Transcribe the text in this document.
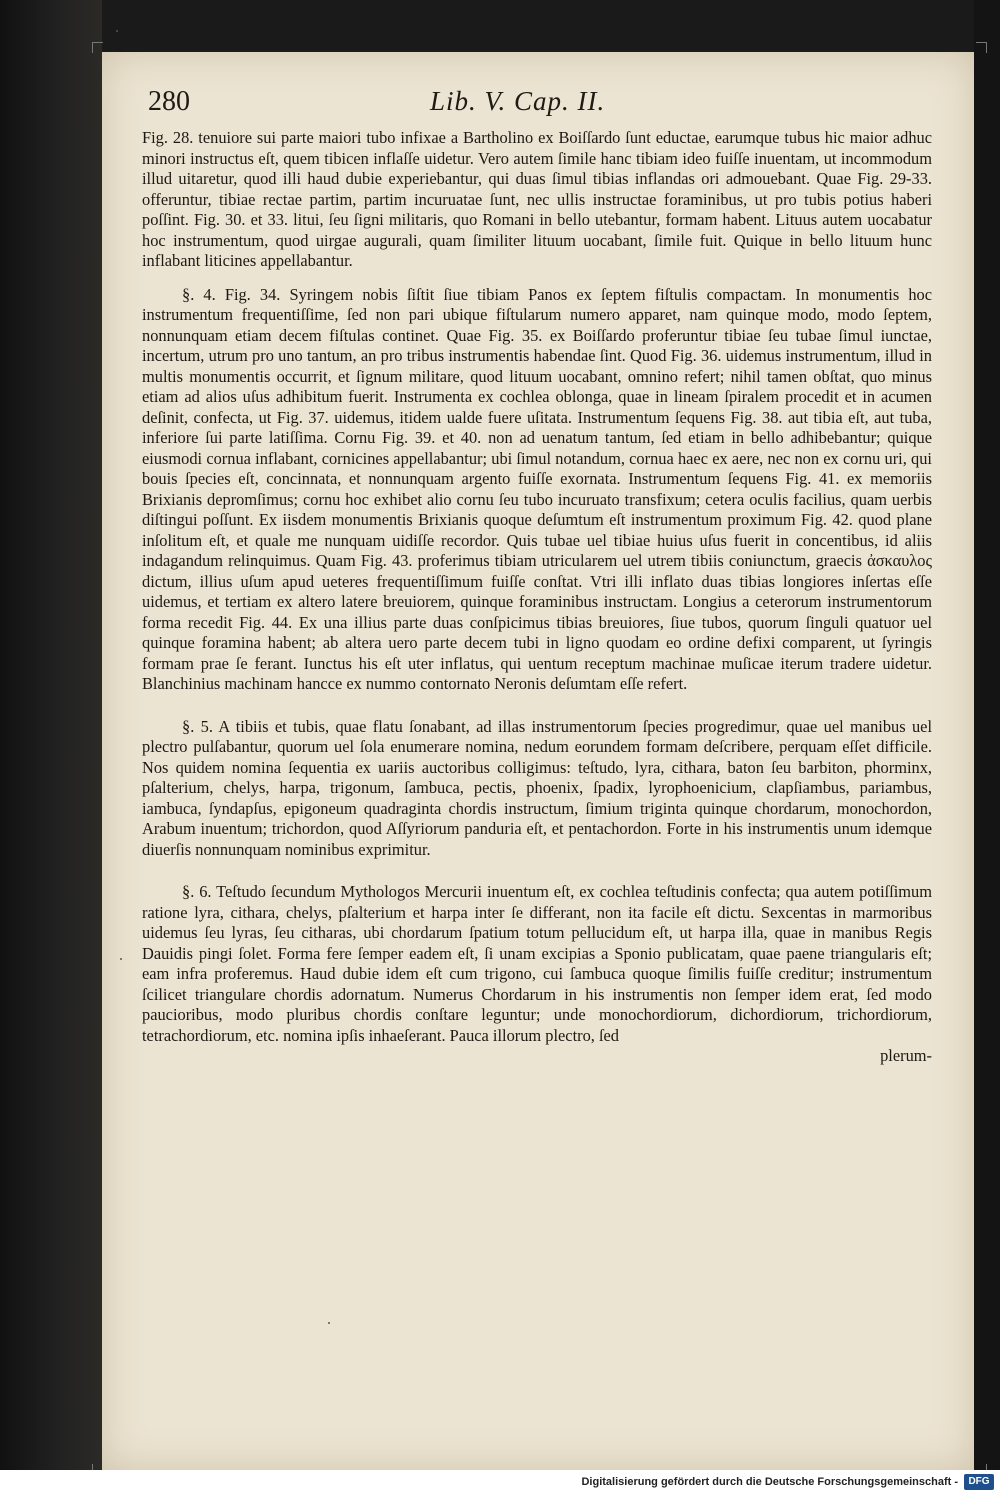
280	Lib. V. Cap. II.

Fig. 28. tenuiore sui parte maiori tubo infixae a Bartholino ex Boiſſardo ſunt eductae, earumque tubus hic maior adhuc minori instructus eſt, quem tibicen inflaſſe uidetur. Vero autem ſimile hanc tibiam ideo fuiſſe inuentam, ut incommodum illud uitaretur, quod illi haud dubie experiebantur, qui duas ſimul tibias inflandas ori admouebant. Quae Fig. 29-33. offeruntur, tibiae rectae partim, partim incuruatae ſunt, nec ullis instructae foraminibus, ut pro tubis potius haberi poſſint. Fig. 30. et 33. litui, ſeu ſigni militaris, quo Romani in bello utebantur, formam habent. Lituus autem uocabatur hoc instrumentum, quod uirgae augurali, quam ſimiliter lituum uocabant, ſimile fuit. Quique in bello lituum hunc inflabant liticines appellabantur.

§. 4. Fig. 34. Syringem nobis ſiſtit ſiue tibiam Panos ex ſeptem fiſtulis compactam. In monumentis hoc instrumentum frequentiſſime, ſed non pari ubique fiſtularum numero apparet, nam quinque modo, modo ſeptem, nonnunquam etiam decem fiſtulas continet. Quae Fig. 35. ex Boiſſardo proferuntur tibiae ſeu tubae ſimul iunctae, incertum, utrum pro uno tantum, an pro tribus instrumentis habendae ſint. Quod Fig. 36. uidemus instrumentum, illud in multis monumentis occurrit, et ſignum militare, quod lituum uocabant, omnino refert; nihil tamen obſtat, quo minus etiam ad alios uſus adhibitum fuerit. Instrumenta ex cochlea oblonga, quae in lineam ſpiralem procedit et in acumen deſinit, confecta, ut Fig. 37. uidemus, itidem ualde fuere uſitata. Instrumentum ſequens Fig. 38. aut tibia eſt, aut tuba, inferiore ſui parte latiſſima. Cornu Fig. 39. et 40. non ad uenatum tantum, ſed etiam in bello adhibebantur; quique eiusmodi cornua inflabant, cornicines appellabantur; ubi ſimul notandum, cornua haec ex aere, nec non ex cornu uri, qui bouis ſpecies eſt, concinnata, et nonnunquam argento fuiſſe exornata. Instrumentum ſequens Fig. 41. ex memoriis Brixianis depromſimus; cornu hoc exhibet alio cornu ſeu tubo incuruato transfixum; cetera oculis facilius, quam uerbis diſtingui poſſunt. Ex iisdem monumentis Brixianis quoque deſumtum eſt instrumentum proximum Fig. 42. quod plane inſolitum eſt, et quale me nunquam uidiſſe recordor. Quis tubae uel tibiae huius uſus fuerit in concentibus, id aliis indagandum relinquimus. Quam Fig. 43. proferimus tibiam utricularem uel utrem tibiis coniunctum, graecis ἀσκαυλος dictum, illius uſum apud ueteres frequentiſſimum fuiſſe conſtat. Vtri illi inflato duas tibias longiores inſertas eſſe uidemus, et tertiam ex altero latere breuiorem, quinque foraminibus instructam. Longius a ceterorum instrumentorum forma recedit Fig. 44. Ex una illius parte duas conſpicimus tibias breuiores, ſiue tubos, quorum ſinguli quatuor uel quinque foramina habent; ab altera uero parte decem tubi in ligno quodam eo ordine defixi comparent, ut ſyringis formam prae ſe ferant. Iunctus his eſt uter inflatus, qui uentum receptum machinae muſicae iterum tradere uidetur. Blanchinius machinam hancce ex nummo contornato Neronis deſumtam eſſe refert.

§. 5. A tibiis et tubis, quae flatu ſonabant, ad illas instrumentorum ſpecies progredimur, quae uel manibus uel plectro pulſabantur, quorum uel ſola enumerare nomina, nedum eorundem formam deſcribere, perquam eſſet difficile. Nos quidem nomina ſequentia ex uariis auctoribus colligimus: teſtudo, lyra, cithara, baton ſeu barbiton, phorminx, pſalterium, chelys, harpa, trigonum, ſambuca, pectis, phoenix, ſpadix, lyrophoenicium, clapſiambus, pariambus, iambuca, ſyndapſus, epigoneum quadraginta chordis instructum, ſimium triginta quinque chordarum, monochordon, Arabum inuentum; trichordon, quod Aſſyriorum panduria eſt, et pentachordon. Forte in his instrumentis unum idemque diuerſis nonnunquam nominibus exprimitur.

§. 6. Teſtudo ſecundum Mythologos Mercurii inuentum eſt, ex cochlea teſtudinis confecta; qua autem potiſſimum ratione lyra, cithara, chelys, pſalterium et harpa inter ſe differant, non ita facile eſt dictu. Sexcentas in marmoribus uidemus ſeu lyras, ſeu citharas, ubi chordarum ſpatium totum pellucidum eſt, ut harpa illa, quae in manibus Regis Dauidis pingi ſolet. Forma fere ſemper eadem eſt, ſi unam excipias a Sponio publicatam, quae paene triangularis eſt; eam infra proferemus. Haud dubie idem eſt cum trigono, cui ſambuca quoque ſimilis fuiſſe creditur; instrumentum ſcilicet triangulare chordis adornatum. Numerus Chordarum in his instrumentis non ſemper idem erat, ſed modo paucioribus, modo pluribus chordis conſtare leguntur; unde monochordiorum, dichordiorum, trichordiorum, tetrachordiorum, etc. nomina ipſis inhaeſerant. Pauca illorum plectro, ſed

plerum-

Digitalisierung gefördert durch die Deutsche Forschungsgemeinschaft -	DFG
